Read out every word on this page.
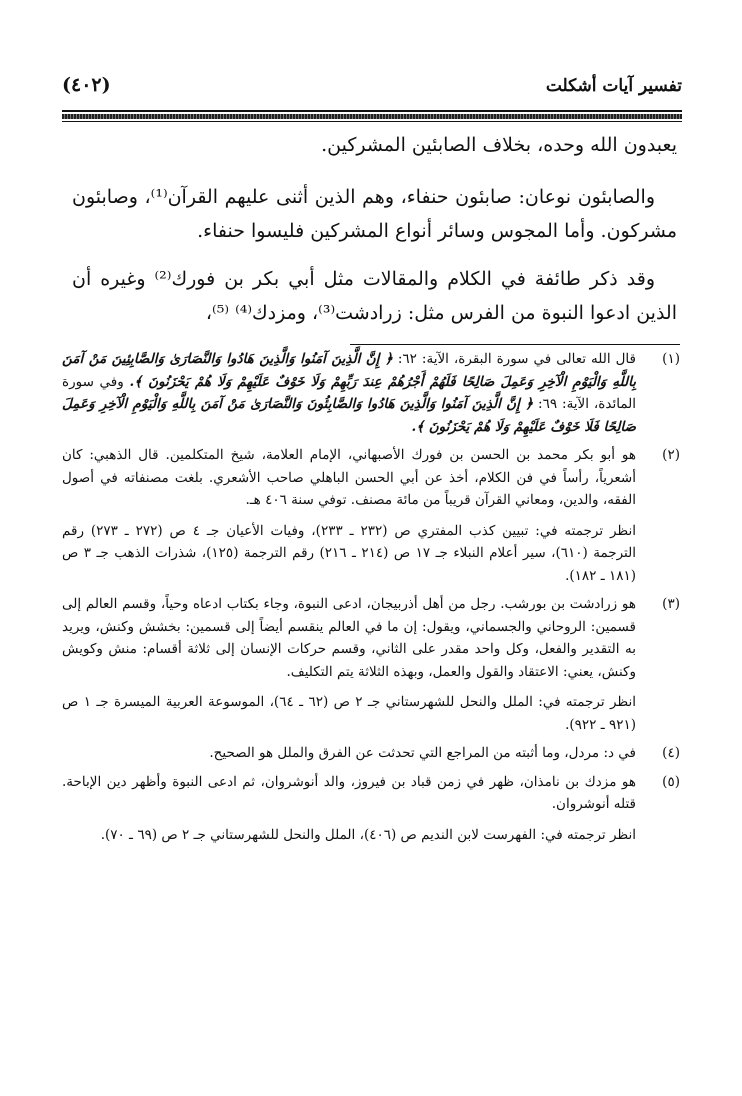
تفسير آيات أشكلت
(٤٠٢)

يعبدون الله وحده، بخلاف الصابئين المشركين.

والصابئون نوعان: صابئون حنفاء، وهم الذين أثنى عليهم القرآن⁽¹⁾، وصابئون مشركون. وأما المجوس وسائر أنواع المشركين فليسوا حنفاء.

وقد ذكر طائفة في الكلام والمقالات مثل أبي بكر بن فورك⁽²⁾ وغيره أن الذين ادعوا النبوة من الفرس مثل: زرادشت⁽³⁾، ومزدك⁽⁴⁾ ⁽⁵⁾،

(١)

قال الله تعالى في سورة البقرة، الآية: ٦٢: ﴿ إِنَّ الَّذِينَ آمَنُوا وَالَّذِينَ هَادُوا وَالنَّصَارَىٰ وَالصَّابِئِينَ مَنْ آمَنَ بِاللَّهِ وَالْيَوْمِ الْآخِرِ وَعَمِلَ صَالِحًا فَلَهُمْ أَجْرُهُمْ عِندَ رَبِّهِمْ وَلَا خَوْفٌ عَلَيْهِمْ وَلَا هُمْ يَحْزَنُونَ ﴾. وفي سورة المائدة، الآية: ٦٩: ﴿ إِنَّ الَّذِينَ آمَنُوا وَالَّذِينَ هَادُوا وَالصَّابِئُونَ وَالنَّصَارَىٰ مَنْ آمَنَ بِاللَّهِ وَالْيَوْمِ الْآخِرِ وَعَمِلَ صَالِحًا فَلَا خَوْفٌ عَلَيْهِمْ وَلَا هُمْ يَحْزَنُونَ ﴾.

(٢)

هو أبو بكر محمد بن الحسن بن فورك الأصبهاني، الإمام العلامة، شيخ المتكلمين. قال الذهبي: كان أشعرياً، رأساً في فن الكلام، أخذ عن أبي الحسن الباهلي صاحب الأشعري. بلغت مصنفاته في أصول الفقه، والدين، ومعاني القرآن قريباً من مائة مصنف. توفي سنة ٤٠٦ هـ.

انظر ترجمته في: تبيين كذب المفتري ص (٢٣٢ ـ ٢٣٣)، وفيات الأعيان جـ ٤ ص (٢٧٢ ـ ٢٧٣) رقم الترجمة (٦١٠)، سير أعلام النبلاء جـ ١٧ ص (٢١٤ ـ ٢١٦) رقم الترجمة (١٢٥)، شذرات الذهب جـ ٣ ص (١٨١ ـ ١٨٢).

(٣)

هو زرادشت بن بورشب. رجل من أهل أذربيجان، ادعى النبوة، وجاء بكتاب ادعاه وحياً، وقسم العالم إلى قسمين: الروحاني والجسماني، ويقول: إن ما في العالم ينقسم أيضاً إلى قسمين: بخشش وكنش، ويريد به التقدير والفعل، وكل واحد مقدر على الثاني، وقسم حركات الإنسان إلى ثلاثة أقسام: منش وكويش وكنش، يعني: الاعتقاد والقول والعمل، وبهذه الثلاثة يتم التكليف.

انظر ترجمته في: الملل والنحل للشهرستاني جـ ٢ ص (٦٢ ـ ٦٤)، الموسوعة العربية الميسرة جـ ١ ص (٩٢١ ـ ٩٢٢).

(٤)

في د: مردل، وما أثبته من المراجع التي تحدثت عن الفرق والملل هو الصحيح.

(٥)

هو مزدك بن نامذان، ظهر في زمن قباد بن فيروز، والد أنوشروان، ثم ادعى النبوة وأظهر دين الإباحة. قتله أنوشروان.

انظر ترجمته في: الفهرست لابن النديم ص (٤٠٦)، الملل والنحل للشهرستاني جـ ٢ ص (٦٩ ـ ٧٠).
